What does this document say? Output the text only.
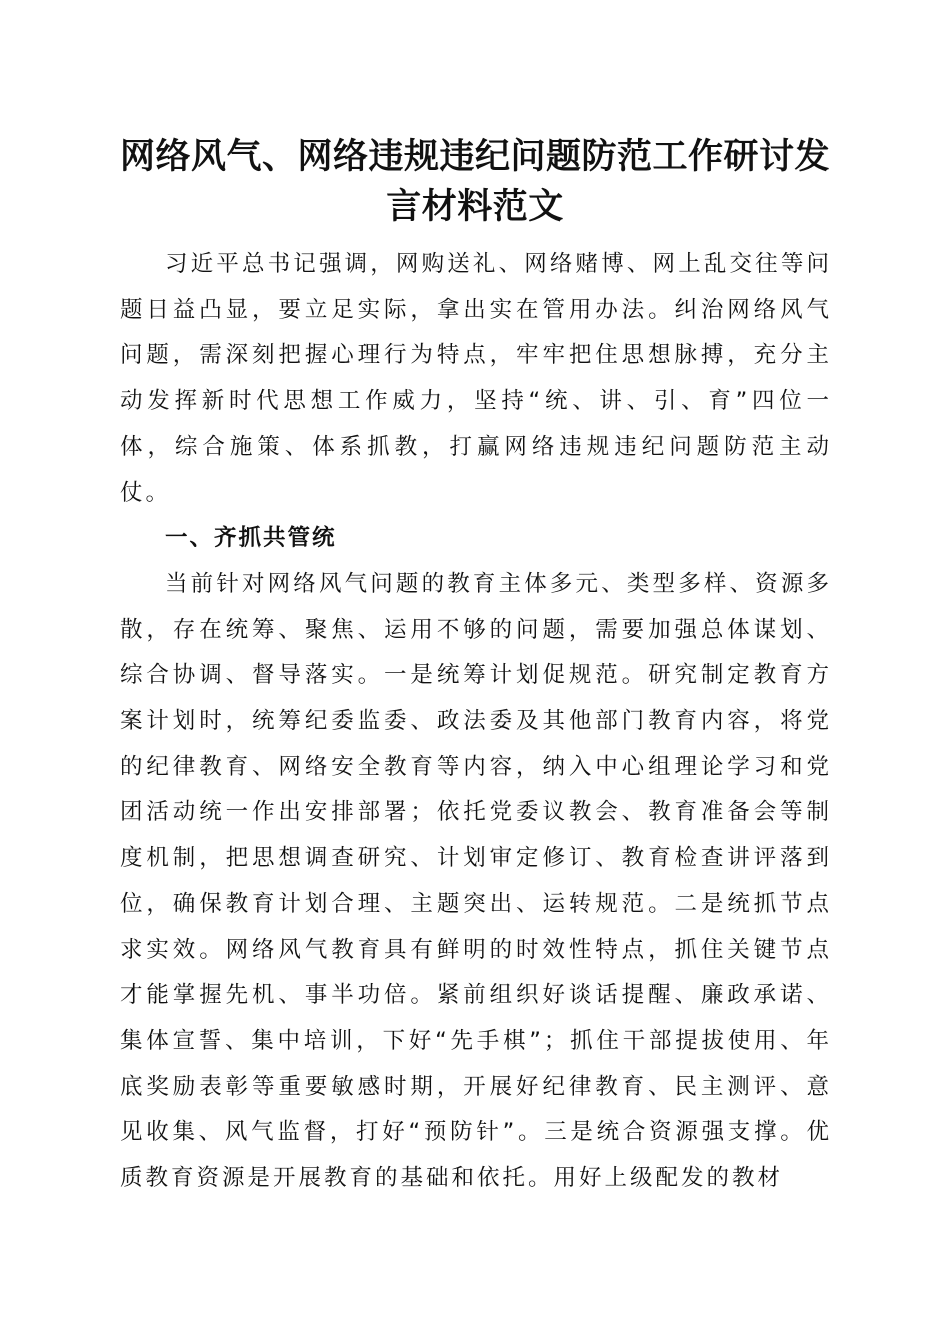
网络风气、网络违规违纪问题防范工作研讨发言材料范文

习近平总书记强调，网购送礼、网络赌博、网上乱交往等问题日益凸显，要立足实际，拿出实在管用办法。纠治网络风气问题，需深刻把握心理行为特点，牢牢把住思想脉搏，充分主动发挥新时代思想工作威力，坚持“统、讲、引、育”四位一体，综合施策、体系抓教，打赢网络违规违纪问题防范主动仗。

一、齐抓共管统

当前针对网络风气问题的教育主体多元、类型多样、资源多散，存在统筹、聚焦、运用不够的问题，需要加强总体谋划、综合协调、督导落实。一是统筹计划促规范。研究制定教育方案计划时，统筹纪委监委、政法委及其他部门教育内容，将党的纪律教育、网络安全教育等内容，纳入中心组理论学习和党团活动统一作出安排部署；依托党委议教会、教育准备会等制度机制，把思想调查研究、计划审定修订、教育检查讲评落到位，确保教育计划合理、主题突出、运转规范。二是统抓节点求实效。网络风气教育具有鲜明的时效性特点，抓住关键节点才能掌握先机、事半功倍。紧前组织好谈话提醒、廉政承诺、集体宣誓、集中培训，下好“先手棋”；抓住干部提拔使用、年底奖励表彰等重要敏感时期，开展好纪律教育、民主测评、意见收集、风气监督，打好“预防针”。三是统合资源强支撑。优质教育资源是开展教育的基础和依托。用好上级配发的教材
